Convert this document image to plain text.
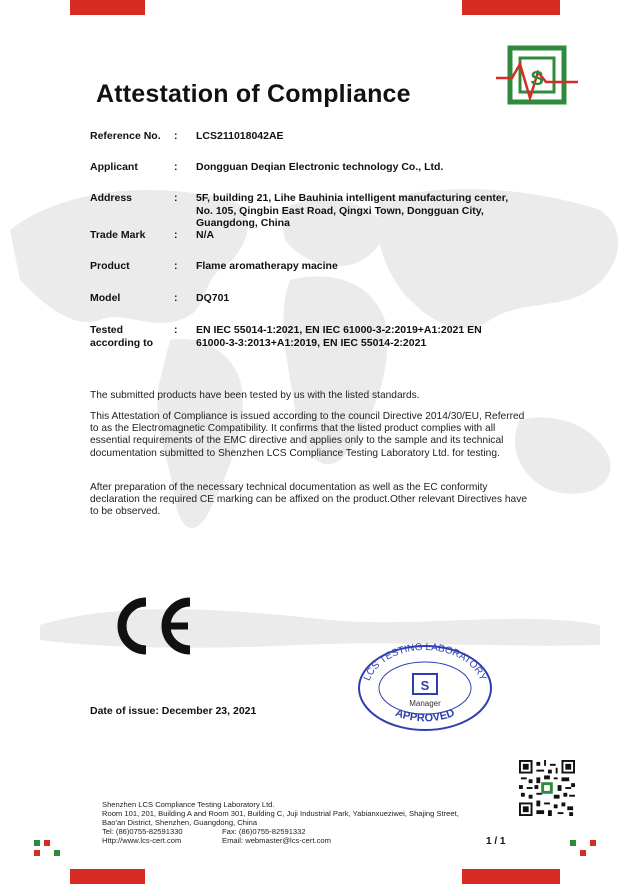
Attestation of Compliance
S
Reference No.	: LCS211018042AE
Applicant	: Dongguan Deqian Electronic technology Co., Ltd.
Address	: 5F, building 21, Lihe Bauhinia intelligent manufacturing center, No. 105, Qingbin East Road, Qingxi Town, Dongguan City, Guangdong, China
Trade Mark	: N/A
Product	: Flame aromatherapy macine
Model	: DQ701
Tested according to
: EN IEC 55014-1:2021, EN IEC 61000-3-2:2019+A1:2021 EN 61000-3-3:2013+A1:2019, EN IEC 55014-2:2021
The submitted products have been tested by us with the listed standards.
This Attestation of Compliance is issued according to the council Directive 2014/30/EU, Referred to as the Electromagnetic Compatibility. It confirms that the listed product complies with all essential requirements of the EMC directive and applies only to the sample and its technical documentation submitted to Shenzhen LCS Compliance Testing Laboratory Ltd. for testing.
After preparation of the necessary technical documentation as well as the EC conformity declaration the required CE marking can be affixed on the product.Other relevant Directives have to be observed.
LCS TESTING LABORATORY
APPROVED
S
Manager
Date of issue: December 23, 2021
Shenzhen LCS Compliance Testing Laboratory Ltd.
Room 101, 201, Building A and Room 301, Building C, Juji Industrial Park, Yabianxueziwei, Shajing Street,
Bao'an District, Shenzhen, Guangdong, China
Tel: (86)0755-82591330	Fax: (86)0755-82591332
Http://www.lcs-cert.com	Email: webmaster@lcs-cert.com	1 / 1
